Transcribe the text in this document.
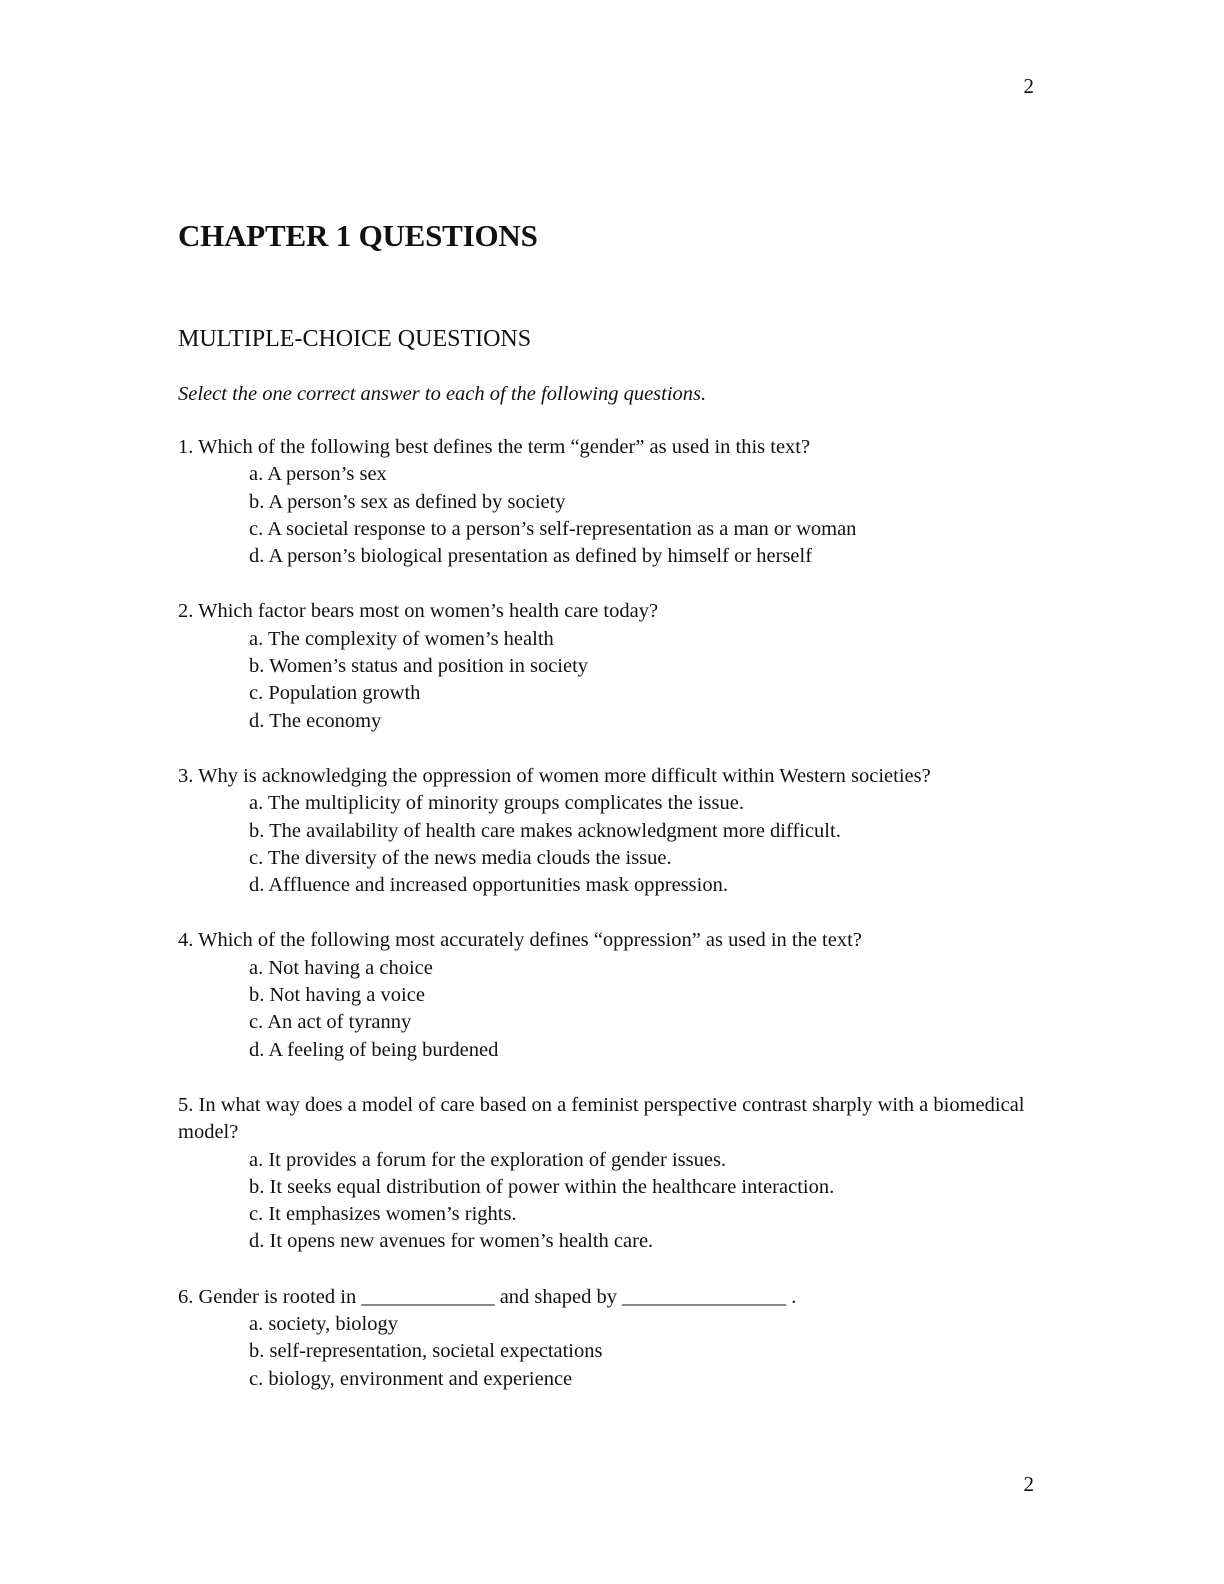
2
CHAPTER 1 QUESTIONS
MULTIPLE-CHOICE QUESTIONS

Select the one correct answer to each of the following questions.

1. Which of the following best defines the term “gender” as used in this text?
a. A person’s sex
b. A person’s sex as defined by society
c. A societal response to a person’s self-representation as a man or woman
d. A person’s biological presentation as defined by himself or herself
2. Which factor bears most on women’s health care today?
a. The complexity of women’s health
b. Women’s status and position in society
c. Population growth
d. The economy
3. Why is acknowledging the oppression of women more difficult within Western societies?
a. The multiplicity of minority groups complicates the issue.
b. The availability of health care makes acknowledgment more difficult.
c. The diversity of the news media clouds the issue.
d. Affluence and increased opportunities mask oppression.
4. Which of the following most accurately defines “oppression” as used in the text?
a. Not having a choice
b. Not having a voice
c. An act of tyranny
d. A feeling of being burdened
5. In what way does a model of care based on a feminist perspective contrast sharply with a biomedical model?
a. It provides a forum for the exploration of gender issues.
b. It seeks equal distribution of power within the healthcare interaction.
c. It emphasizes women’s rights.
d. It opens new avenues for women’s health care.
6. Gender is rooted in _____________ and shaped by ________________ .
a. society, biology
b. self-representation, societal expectations
c. biology, environment and experience
2
